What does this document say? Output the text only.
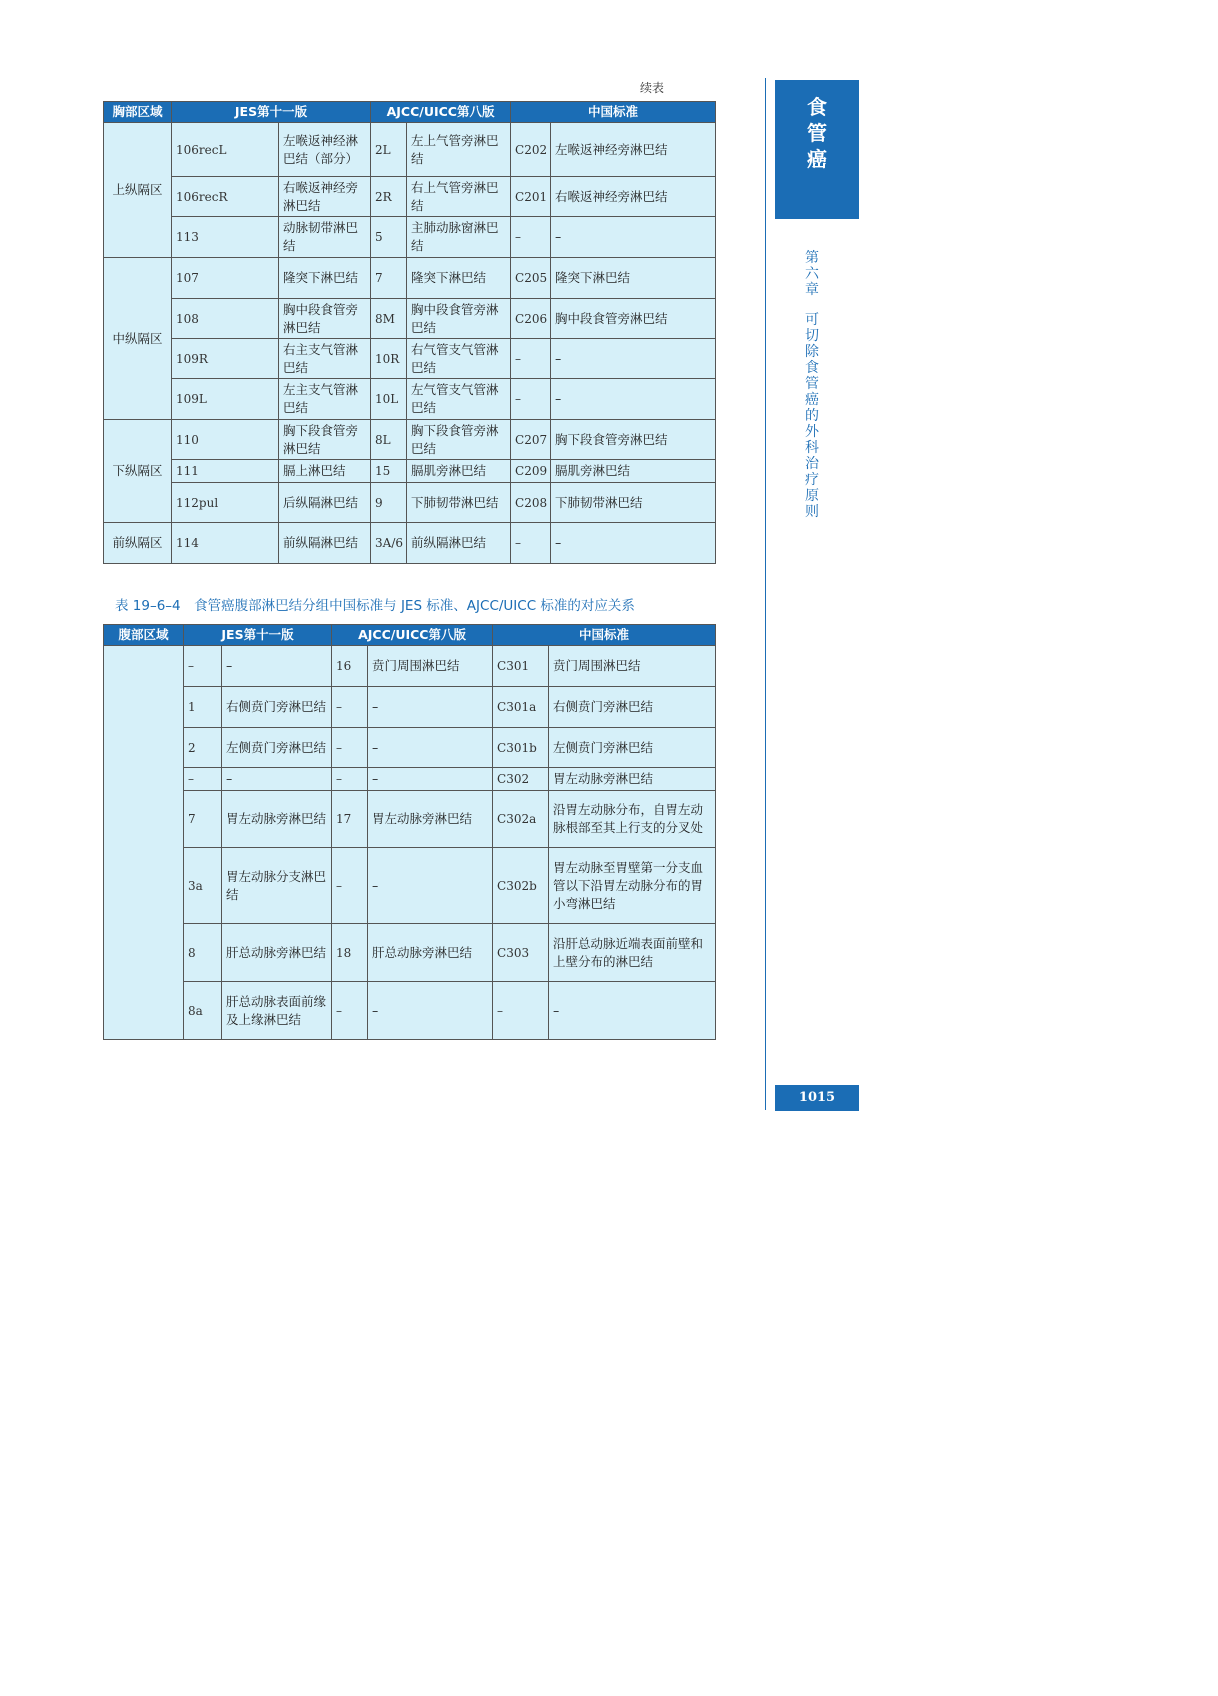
续表
胸部区域	JES第十一版		AJCC/UICC第八版		中国标准	
上纵隔区	106recL	左喉返神经淋巴结（部分）	2L	左上气管旁淋巴结	C202	左喉返神经旁淋巴结
	106recR	右喉返神经旁淋巴结	2R	右上气管旁淋巴结	C201	右喉返神经旁淋巴结
	113	动脉韧带淋巴结	5	主肺动脉窗淋巴结	–	–
中纵隔区	107	隆突下淋巴结	7	隆突下淋巴结	C205	隆突下淋巴结
	108	胸中段食管旁淋巴结	8M	胸中段食管旁淋巴结	C206	胸中段食管旁淋巴结
	109R	右主支气管淋巴结	10R	右气管支气管淋巴结	–	–
	109L	左主支气管淋巴结	10L	左气管支气管淋巴结	–	–
下纵隔区	110	胸下段食管旁淋巴结	8L	胸下段食管旁淋巴结	C207	胸下段食管旁淋巴结
	111	膈上淋巴结	15	膈肌旁淋巴结	C209	膈肌旁淋巴结
	112pul	后纵隔淋巴结	9	下肺韧带淋巴结	C208	下肺韧带淋巴结
前纵隔区	114	前纵隔淋巴结	3A/6	前纵隔淋巴结	–	–
表 19–6–4　食管癌腹部淋巴结分组中国标准与 JES 标准、AJCC/UICC 标准的对应关系
腹部区域	JES第十一版		AJCC/UICC第八版		中国标准	
	–	–	16	贲门周围淋巴结	C301	贲门周围淋巴结
	1	右侧贲门旁淋巴结	–	–	C301a	右侧贲门旁淋巴结
	2	左侧贲门旁淋巴结	–	–	C301b	左侧贲门旁淋巴结
	–	–	–	–	C302	胃左动脉旁淋巴结
	7	胃左动脉旁淋巴结	17	胃左动脉旁淋巴结	C302a	沿胃左动脉分布，自胃左动脉根部至其上行支的分叉处
	3a	胃左动脉分支淋巴结	–	–	C302b	胃左动脉至胃壁第一分支血管以下沿胃左动脉分布的胃小弯淋巴结
	8	肝总动脉旁淋巴结	18	肝总动脉旁淋巴结	C303	沿肝总动脉近端表面前壁和上壁分布的淋巴结
	8a	肝总动脉表面前缘及上缘淋巴结	–	–	–	–
食
管
癌
第
六
章
可
切
除
食
管
癌
的
外
科
治
疗
原
则
1015
